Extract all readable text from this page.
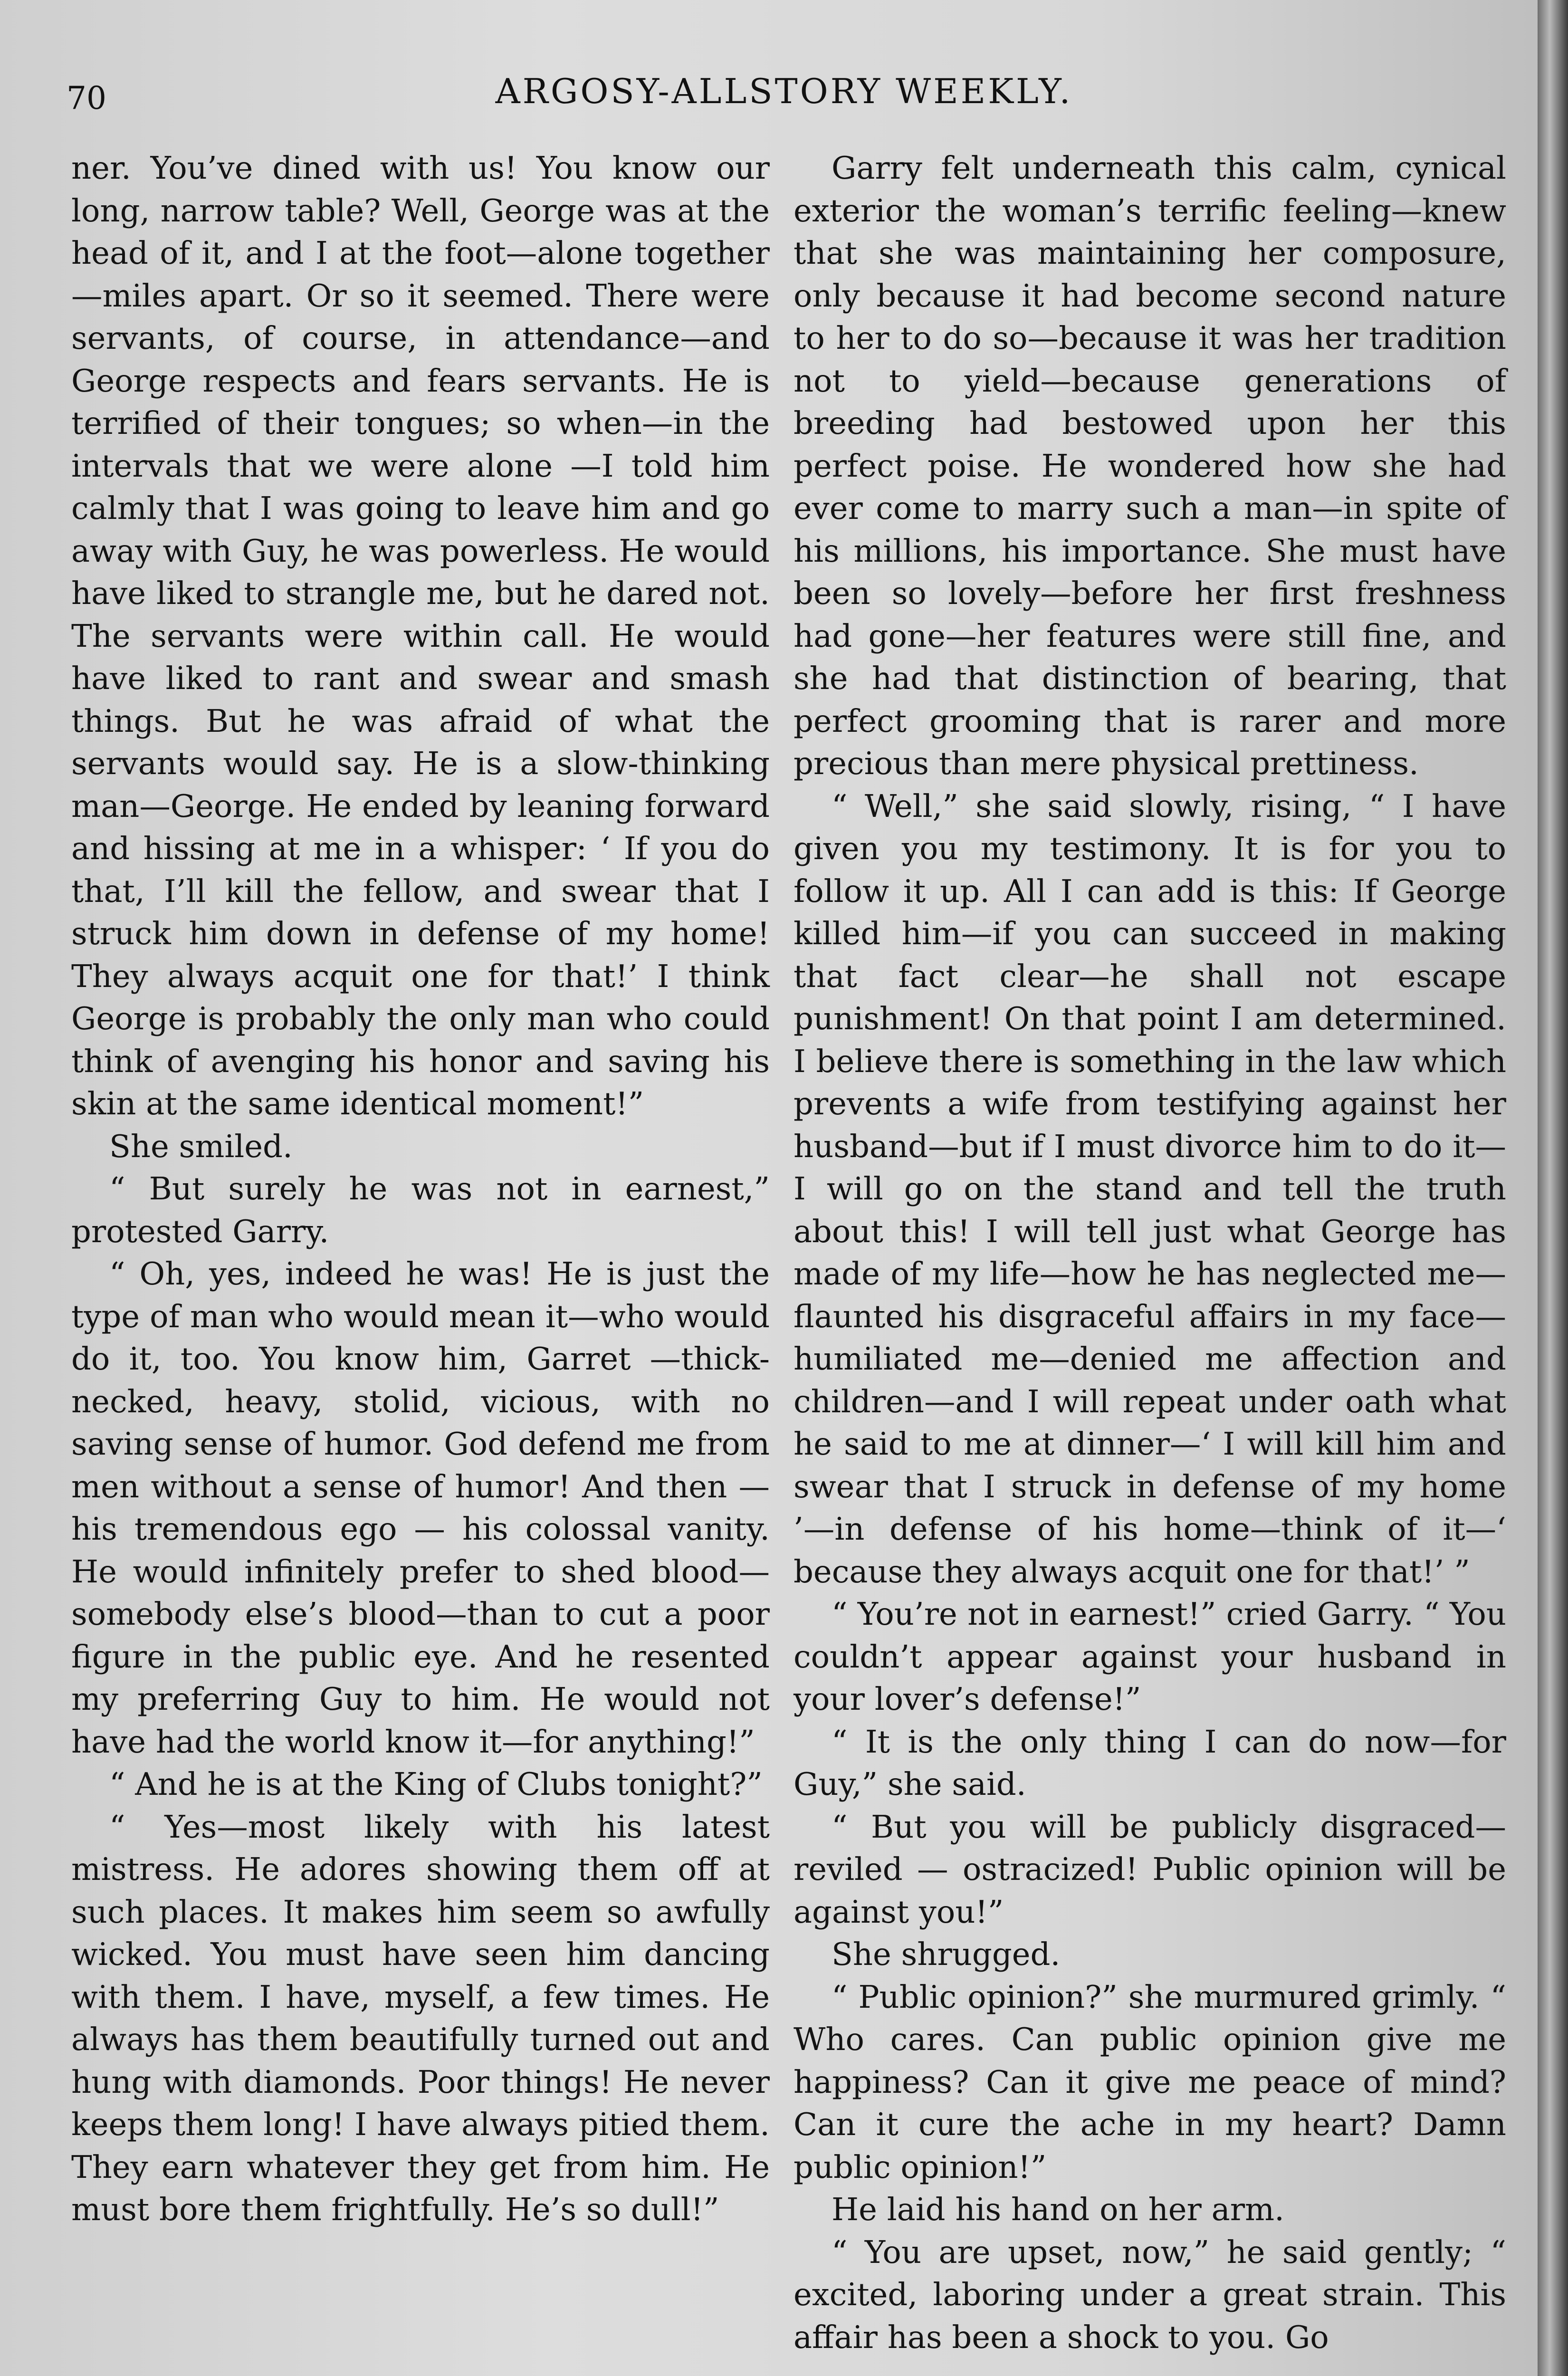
70	ARGOSY-ALLSTORY WEEKLY.

ner. You’ve dined with us! You know our long, narrow table? Well, George was at the head of it, and I at the foot—alone together—miles apart. Or so it seemed. There were servants, of course, in attendance—and George respects and fears servants. He is terrified of their tongues; so when—in the intervals that we were alone —I told him calmly that I was going to leave him and go away with Guy, he was powerless. He would have liked to strangle me, but he dared not. The servants were within call. He would have liked to rant and swear and smash things. But he was afraid of what the servants would say. He is a slow-thinking man—George. He ended by leaning forward and hissing at me in a whisper: ‘ If you do that, I’ll kill the fellow, and swear that I struck him down in defense of my home! They always acquit one for that!’ I think George is probably the only man who could think of avenging his honor and saving his skin at the same identical moment!”

She smiled.

“ But surely he was not in earnest,” protested Garry.

“ Oh, yes, indeed he was! He is just the type of man who would mean it—who would do it, too. You know him, Garret —thick-necked, heavy, stolid, vicious, with no saving sense of humor. God defend me from men without a sense of humor! And then — his tremendous ego — his colossal vanity. He would infinitely prefer to shed blood—somebody else’s blood—than to cut a poor figure in the public eye. And he resented my preferring Guy to him. He would not have had the world know it—for anything!”

“ And he is at the King of Clubs tonight?”

“ Yes—most likely with his latest mistress. He adores showing them off at such places. It makes him seem so awfully wicked. You must have seen him dancing with them. I have, myself, a few times. He always has them beautifully turned out and hung with diamonds. Poor things! He never keeps them long! I have always pitied them. They earn whatever they get from him. He must bore them frightfully. He’s so dull!”

Garry felt underneath this calm, cynical exterior the woman’s terrific feeling—knew that she was maintaining her composure, only because it had become second nature to her to do so—because it was her tradition not to yield—because generations of breeding had bestowed upon her this perfect poise. He wondered how she had ever come to marry such a man—in spite of his millions, his importance. She must have been so lovely—before her first freshness had gone—her features were still fine, and she had that distinction of bearing, that perfect grooming that is rarer and more precious than mere physical prettiness.

“ Well,” she said slowly, rising, “ I have given you my testimony. It is for you to follow it up. All I can add is this: If George killed him—if you can succeed in making that fact clear—he shall not escape punishment! On that point I am determined. I believe there is something in the law which prevents a wife from testifying against her husband—but if I must divorce him to do it—I will go on the stand and tell the truth about this! I will tell just what George has made of my life—how he has neglected me—flaunted his disgraceful affairs in my face—humiliated me—denied me affection and children—and I will repeat under oath what he said to me at dinner—‘ I will kill him and swear that I struck in defense of my home ’—in defense of his home—think of it—‘ because they always acquit one for that!’ ”

“ You’re not in earnest!” cried Garry. “ You couldn’t appear against your husband in your lover’s defense!”

“ It is the only thing I can do now—for Guy,” she said.

“ But you will be publicly disgraced—reviled — ostracized! Public opinion will be against you!”

She shrugged.

“ Public opinion?” she murmured grimly. “ Who cares. Can public opinion give me happiness? Can it give me peace of mind? Can it cure the ache in my heart? Damn public opinion!”

He laid his hand on her arm.

“ You are upset, now,” he said gently; “ excited, laboring under a great strain. This affair has been a shock to you. Go
